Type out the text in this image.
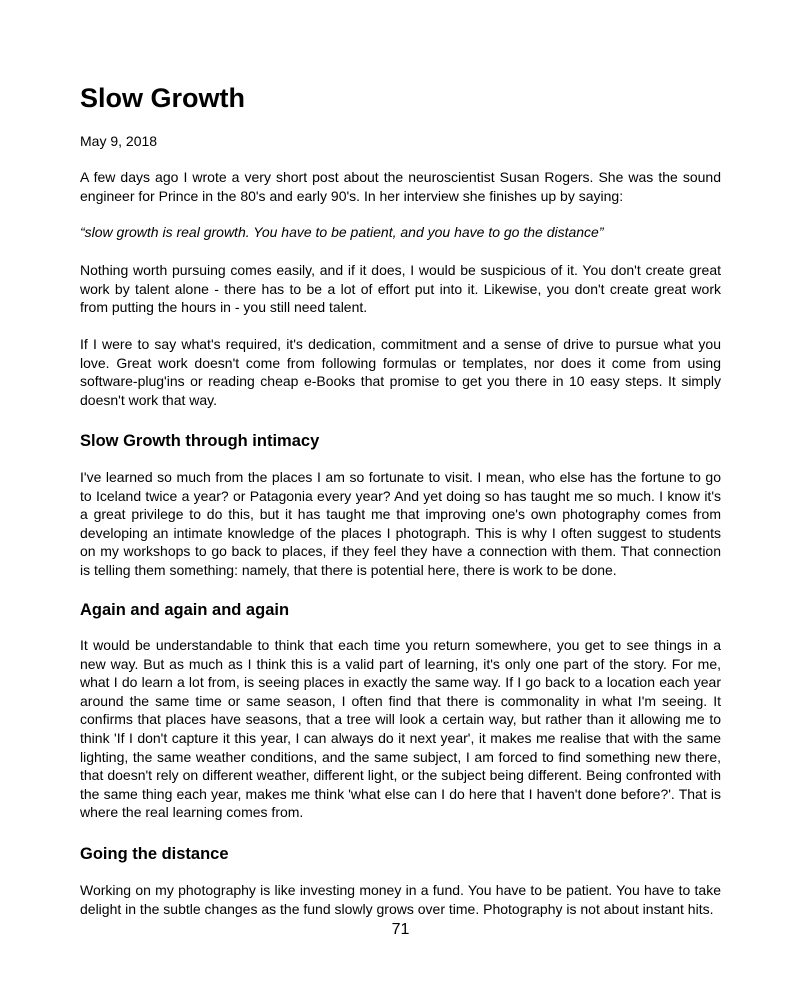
Slow Growth
May 9, 2018

A few days ago I wrote a very short post about the neuroscientist Susan Rogers. She was the sound engineer for Prince in the 80's and early 90's. In her interview she finishes up by saying:

“slow growth is real growth. You have to be patient, and you have to go the distance”

Nothing worth pursuing comes easily, and if it does, I would be suspicious of it. You don't create great work by talent alone - there has to be a lot of effort put into it. Likewise, you don't create great work from putting the hours in - you still need talent.

If I were to say what's required, it's dedication, commitment and a sense of drive to pursue what you love. Great work doesn't come from following formulas or templates, nor does it come from using software-plug'ins or reading cheap e-Books that promise to get you there in 10 easy steps. It simply doesn't work that way.

Slow Growth through intimacy

I've learned so much from the places I am so fortunate to visit. I mean, who else has the fortune to go to Iceland twice a year? or Patagonia every year? And yet doing so has taught me so much. I know it's a great privilege to do this, but it has taught me that improving one's own photography comes from developing an intimate knowledge of the places I photograph. This is why I often suggest to students on my workshops to go back to places, if they feel they have a connection with them. That connection is telling them something: namely, that there is potential here, there is work to be done.

Again and again and again

It would be understandable to think that each time you return somewhere, you get to see things in a new way. But as much as I think this is a valid part of learning, it's only one part of the story. For me, what I do learn a lot from, is seeing places in exactly the same way. If I go back to a location each year around the same time or same season, I often find that there is commonality in what I'm seeing. It confirms that places have seasons, that a tree will look a certain way, but rather than it allowing me to think 'If I don't capture it this year, I can always do it next year', it makes me realise that with the same lighting, the same weather conditions, and the same subject, I am forced to find something new there, that doesn't rely on different weather, different light, or the subject being different. Being confronted with the same thing each year, makes me think 'what else can I do here that I haven't done before?'. That is where the real learning comes from.

Going the distance

Working on my photography is like investing money in a fund. You have to be patient. You have to take delight in the subtle changes as the fund slowly grows over time. Photography is not about instant hits.

71
